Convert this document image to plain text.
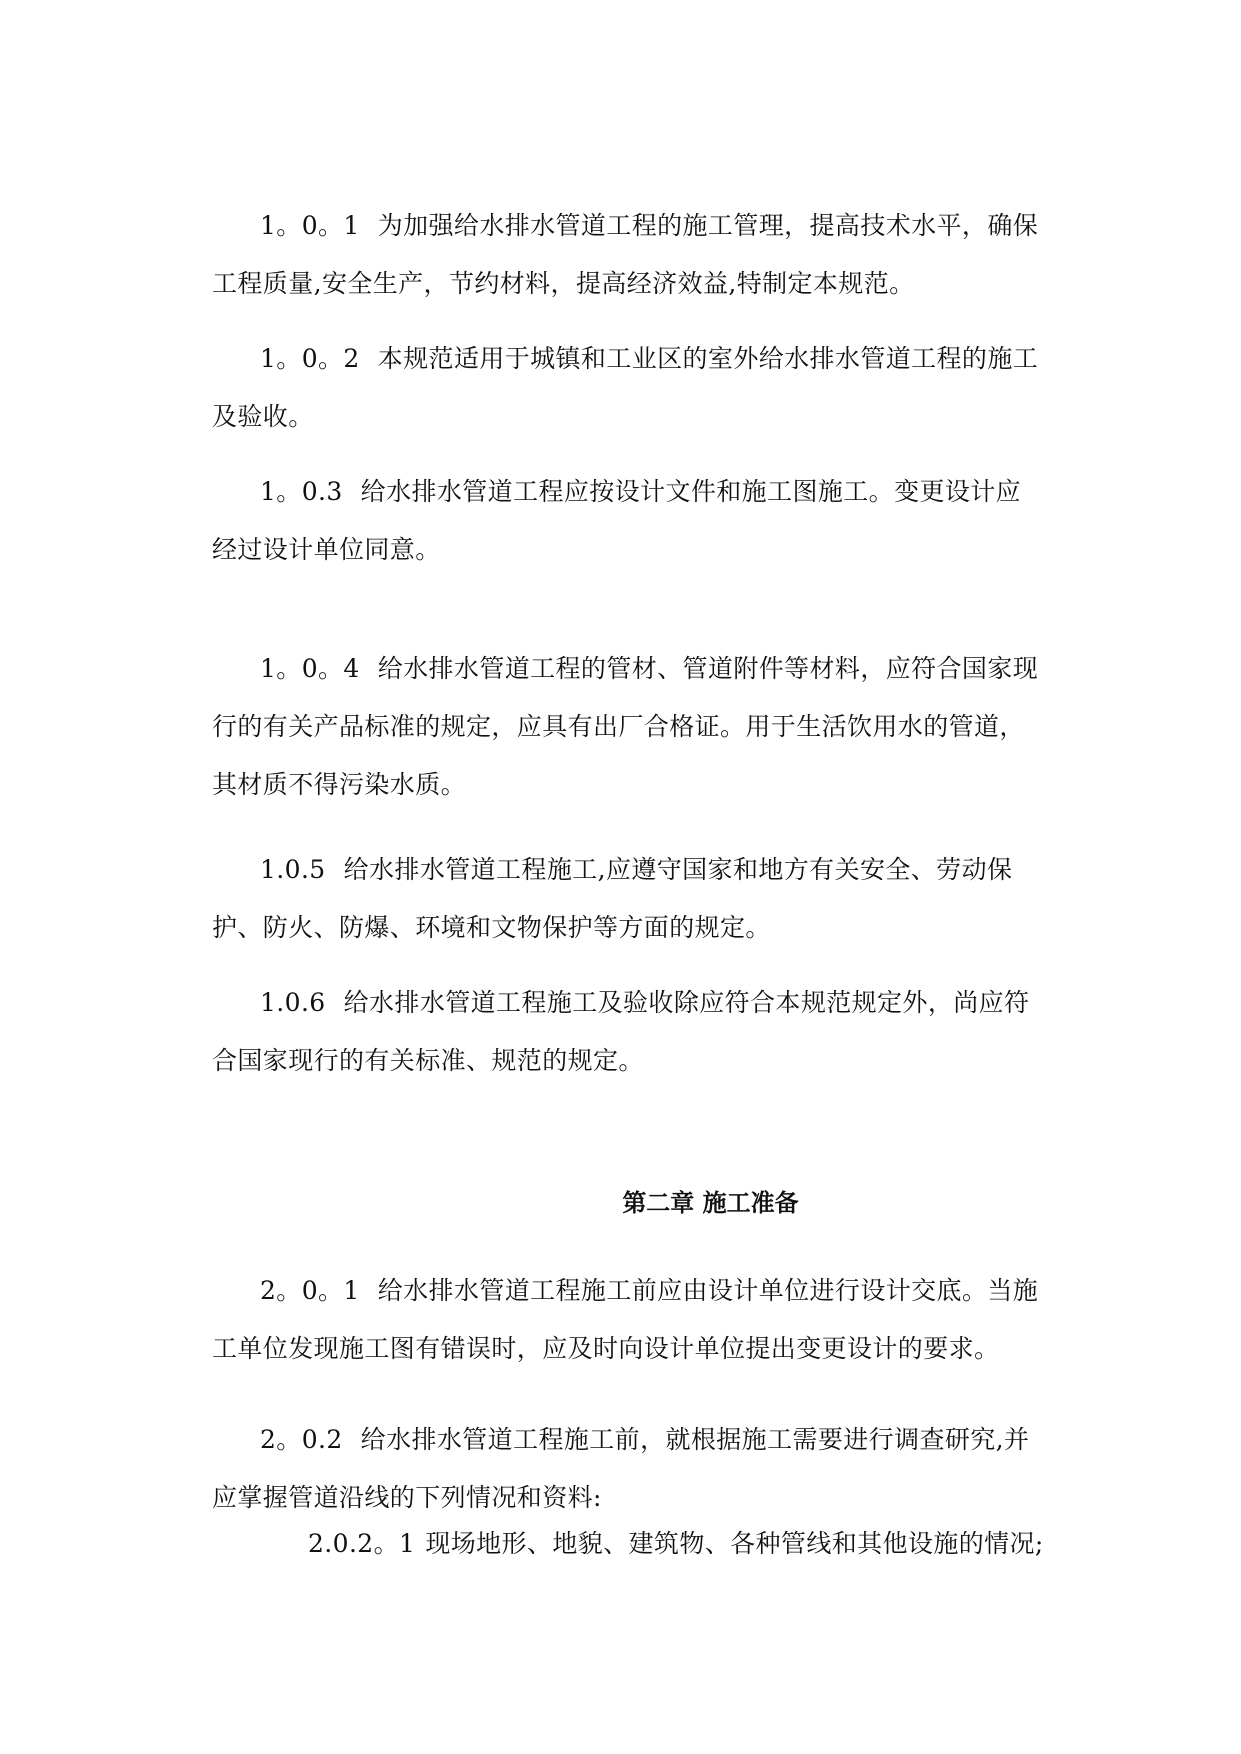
1。0。1 为加强给水排水管道工程的施工管理，提高技术水平，确保工程质量,安全生产，节约材料，提高经济效益,特制定本规范。

1。0。2 本规范适用于城镇和工业区的室外给水排水管道工程的施工及验收。

1。0.3 给水排水管道工程应按设计文件和施工图施工。变更设计应经过设计单位同意。

1。0。4 给水排水管道工程的管材、管道附件等材料，应符合国家现行的有关产品标准的规定，应具有出厂合格证。用于生活饮用水的管道，其材质不得污染水质。

1.0.5 给水排水管道工程施工,应遵守国家和地方有关安全、劳动保护、防火、防爆、环境和文物保护等方面的规定。

1.0.6 给水排水管道工程施工及验收除应符合本规范规定外，尚应符合国家现行的有关标准、规范的规定。

第二章 施工准备

2。0。1 给水排水管道工程施工前应由设计单位进行设计交底。当施工单位发现施工图有错误时，应及时向设计单位提出变更设计的要求。

2。0.2 给水排水管道工程施工前，就根据施工需要进行调查研究,并应掌握管道沿线的下列情况和资料:

2.0.2。1 现场地形、地貌、建筑物、各种管线和其他设施的情况;
